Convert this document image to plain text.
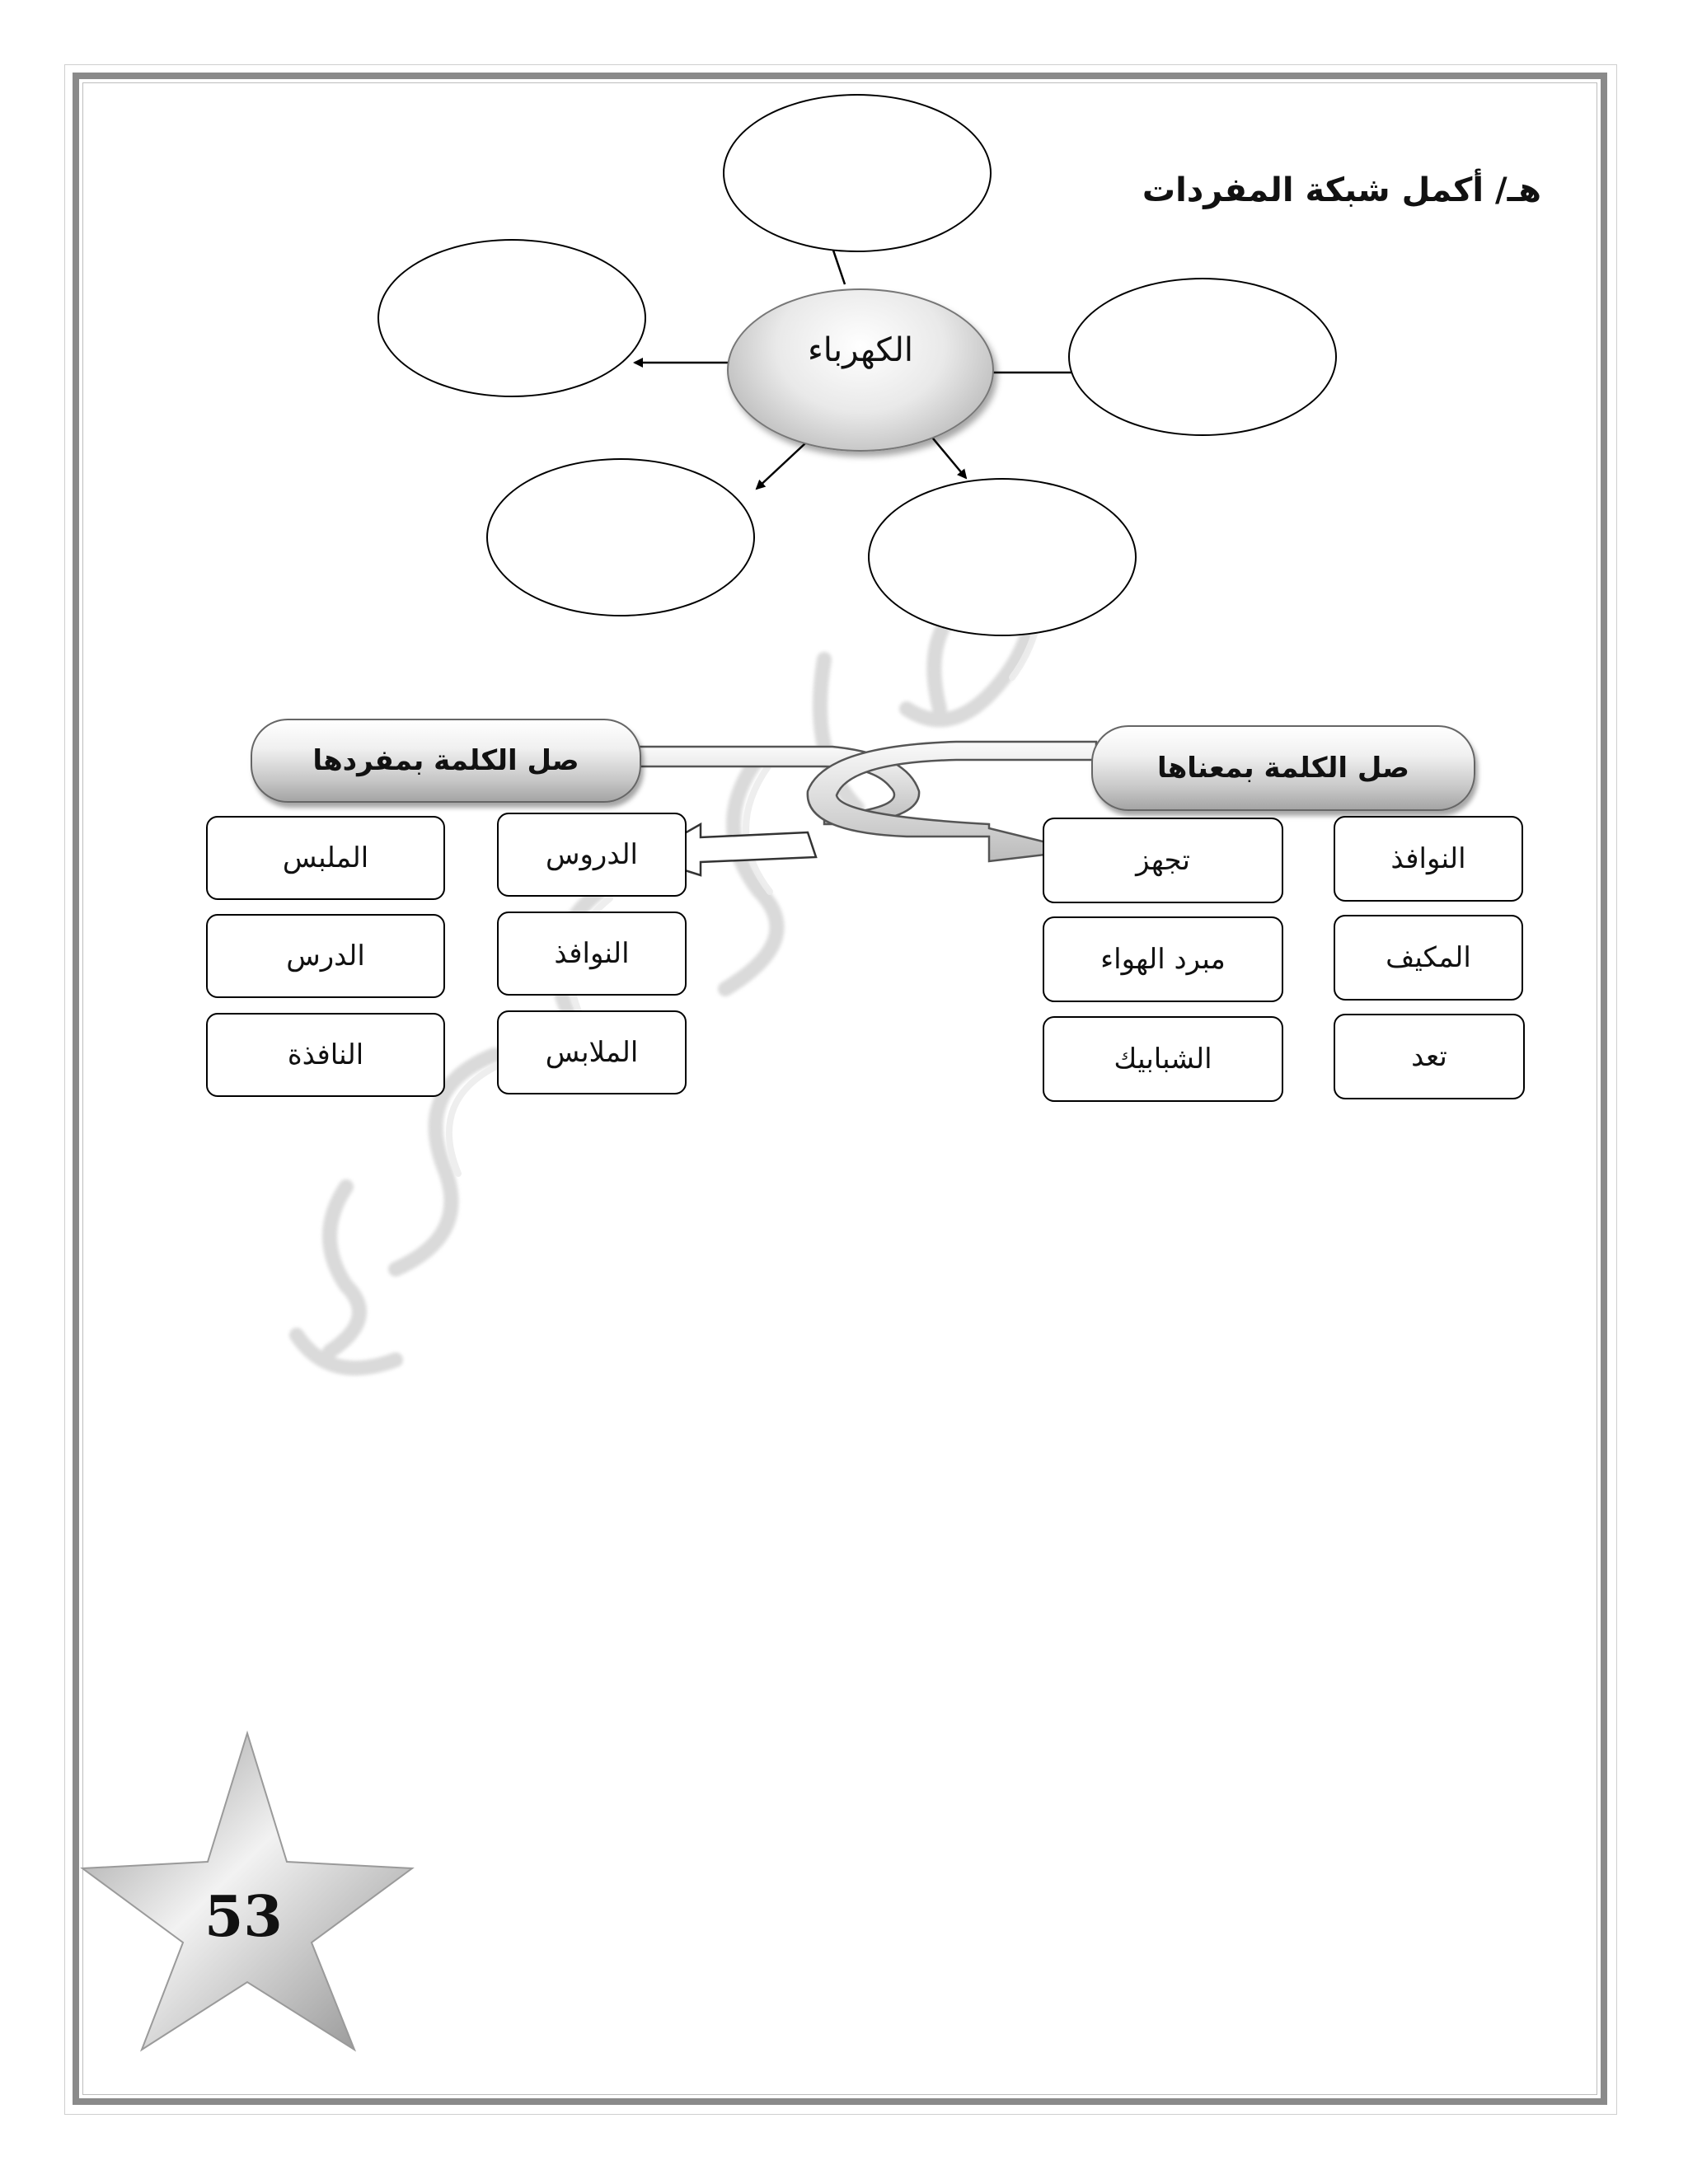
هـ/ أكمل شبكة المفردات
الكهرباء
صل الكلمة بمفردها	صل الكلمة بمعناها
الملبس
الدرس
النافذة
الدروس
النوافذ
الملابس
تجهز
مبرد الهواء
الشبابيك
النوافذ
المكيف
تعد
53
